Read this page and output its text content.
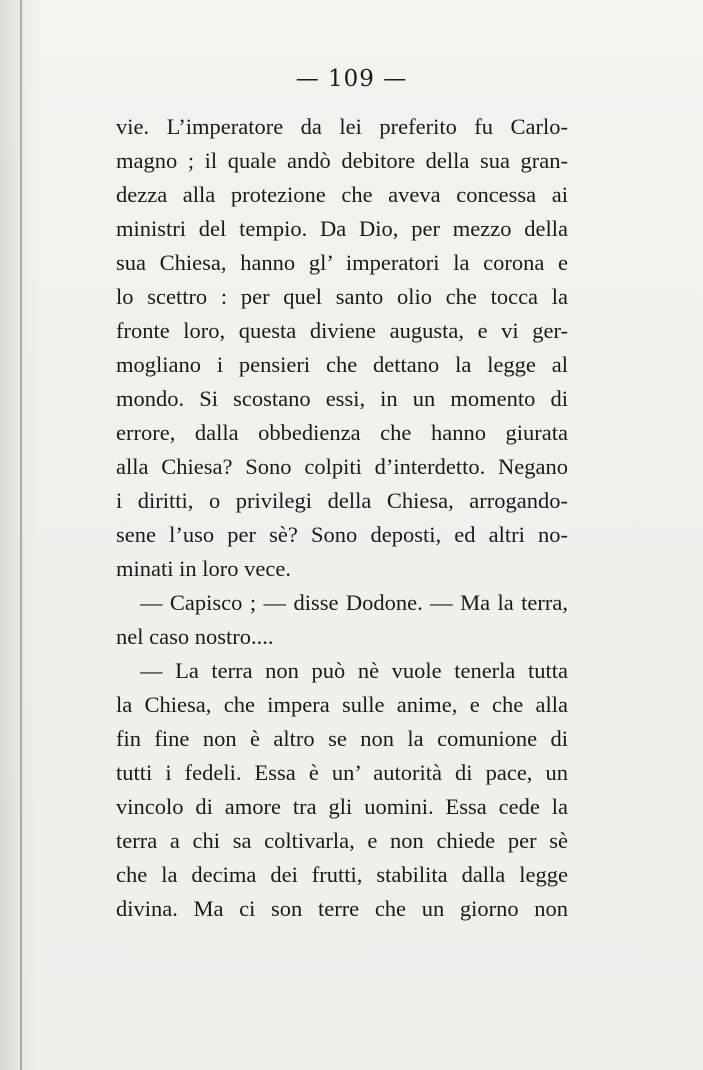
— 109 —
vie. L’imperatore da lei preferito fu Carlo-
magno ; il quale andò debitore della sua gran-
dezza alla protezione che aveva concessa ai
ministri del tempio. Da Dio, per mezzo della
sua Chiesa, hanno gl’ imperatori la corona e
lo scettro : per quel santo olio che tocca la
fronte loro, questa diviene augusta, e vi ger-
mogliano i pensieri che dettano la legge al
mondo. Si scostano essi, in un momento di
errore, dalla obbedienza che hanno giurata
alla Chiesa? Sono colpiti d’interdetto. Negano
i diritti, o privilegi della Chiesa, arrogando-
sene l’uso per sè? Sono deposti, ed altri no-
minati in loro vece.
— Capisco ; — disse Dodone. — Ma la terra,
nel caso nostro....
— La terra non può nè vuole tenerla tutta
la Chiesa, che impera sulle anime, e che alla
fin fine non è altro se non la comunione di
tutti i fedeli. Essa è un’ autorità di pace, un
vincolo di amore tra gli uomini. Essa cede la
terra a chi sa coltivarla, e non chiede per sè
che la decima dei frutti, stabilita dalla legge
divina. Ma ci son terre che un giorno non
